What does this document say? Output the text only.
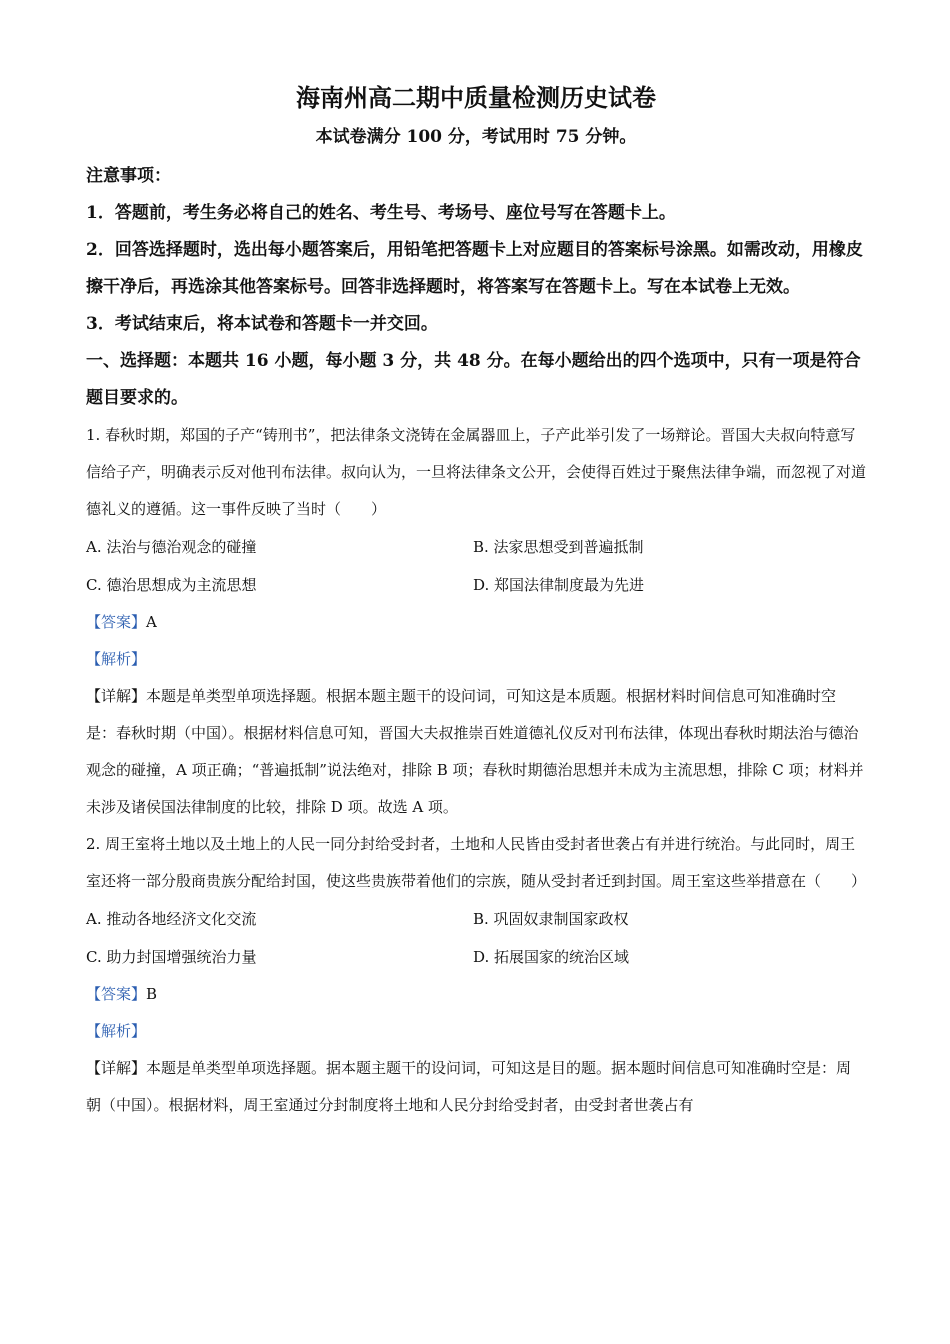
海南州高二期中质量检测历史试卷
本试卷满分 100 分，考试用时 75 分钟。
注意事项：
1．答题前，考生务必将自己的姓名、考生号、考场号、座位号写在答题卡上。
2．回答选择题时，选出每小题答案后，用铅笔把答题卡上对应题目的答案标号涂黑。如需改动，用橡皮擦干净后，再选涂其他答案标号。回答非选择题时，将答案写在答题卡上。写在本试卷上无效。
3．考试结束后，将本试卷和答题卡一并交回。
一、选择题：本题共 16 小题，每小题 3 分，共 48 分。在每小题给出的四个选项中，只有一项是符合题目要求的。
1. 春秋时期，郑国的子产“铸刑书”，把法律条文浇铸在金属器皿上，子产此举引发了一场辩论。晋国大夫叔向特意写信给子产，明确表示反对他刊布法律。叔向认为，一旦将法律条文公开，会使得百姓过于聚焦法律争端，而忽视了对道德礼义的遵循。这一事件反映了当时（　　）
A. 法治与德治观念的碰撞	B. 法家思想受到普遍抵制
C. 德治思想成为主流思想	D. 郑国法律制度最为先进
【答案】A
【解析】
【详解】本题是单类型单项选择题。根据本题主题干的设问词，可知这是本质题。根据材料时间信息可知准确时空是：春秋时期（中国）。根据材料信息可知，晋国大夫叔推崇百姓道德礼仪反对刊布法律，体现出春秋时期法治与德治观念的碰撞，A 项正确；“普遍抵制”说法绝对，排除 B 项；春秋时期德治思想并未成为主流思想，排除 C 项；材料并未涉及诸侯国法律制度的比较，排除 D 项。故选 A 项。
2. 周王室将土地以及土地上的人民一同分封给受封者，土地和人民皆由受封者世袭占有并进行统治。与此同时，周王室还将一部分殷商贵族分配给封国，使这些贵族带着他们的宗族，随从受封者迁到封国。周王室这些举措意在（　　）
A. 推动各地经济文化交流	B. 巩固奴隶制国家政权
C. 助力封国增强统治力量	D. 拓展国家的统治区域
【答案】B
【解析】
【详解】本题是单类型单项选择题。据本题主题干的设问词，可知这是目的题。据本题时间信息可知准确时空是：周朝（中国）。根据材料，周王室通过分封制度将土地和人民分封给受封者，由受封者世袭占有
